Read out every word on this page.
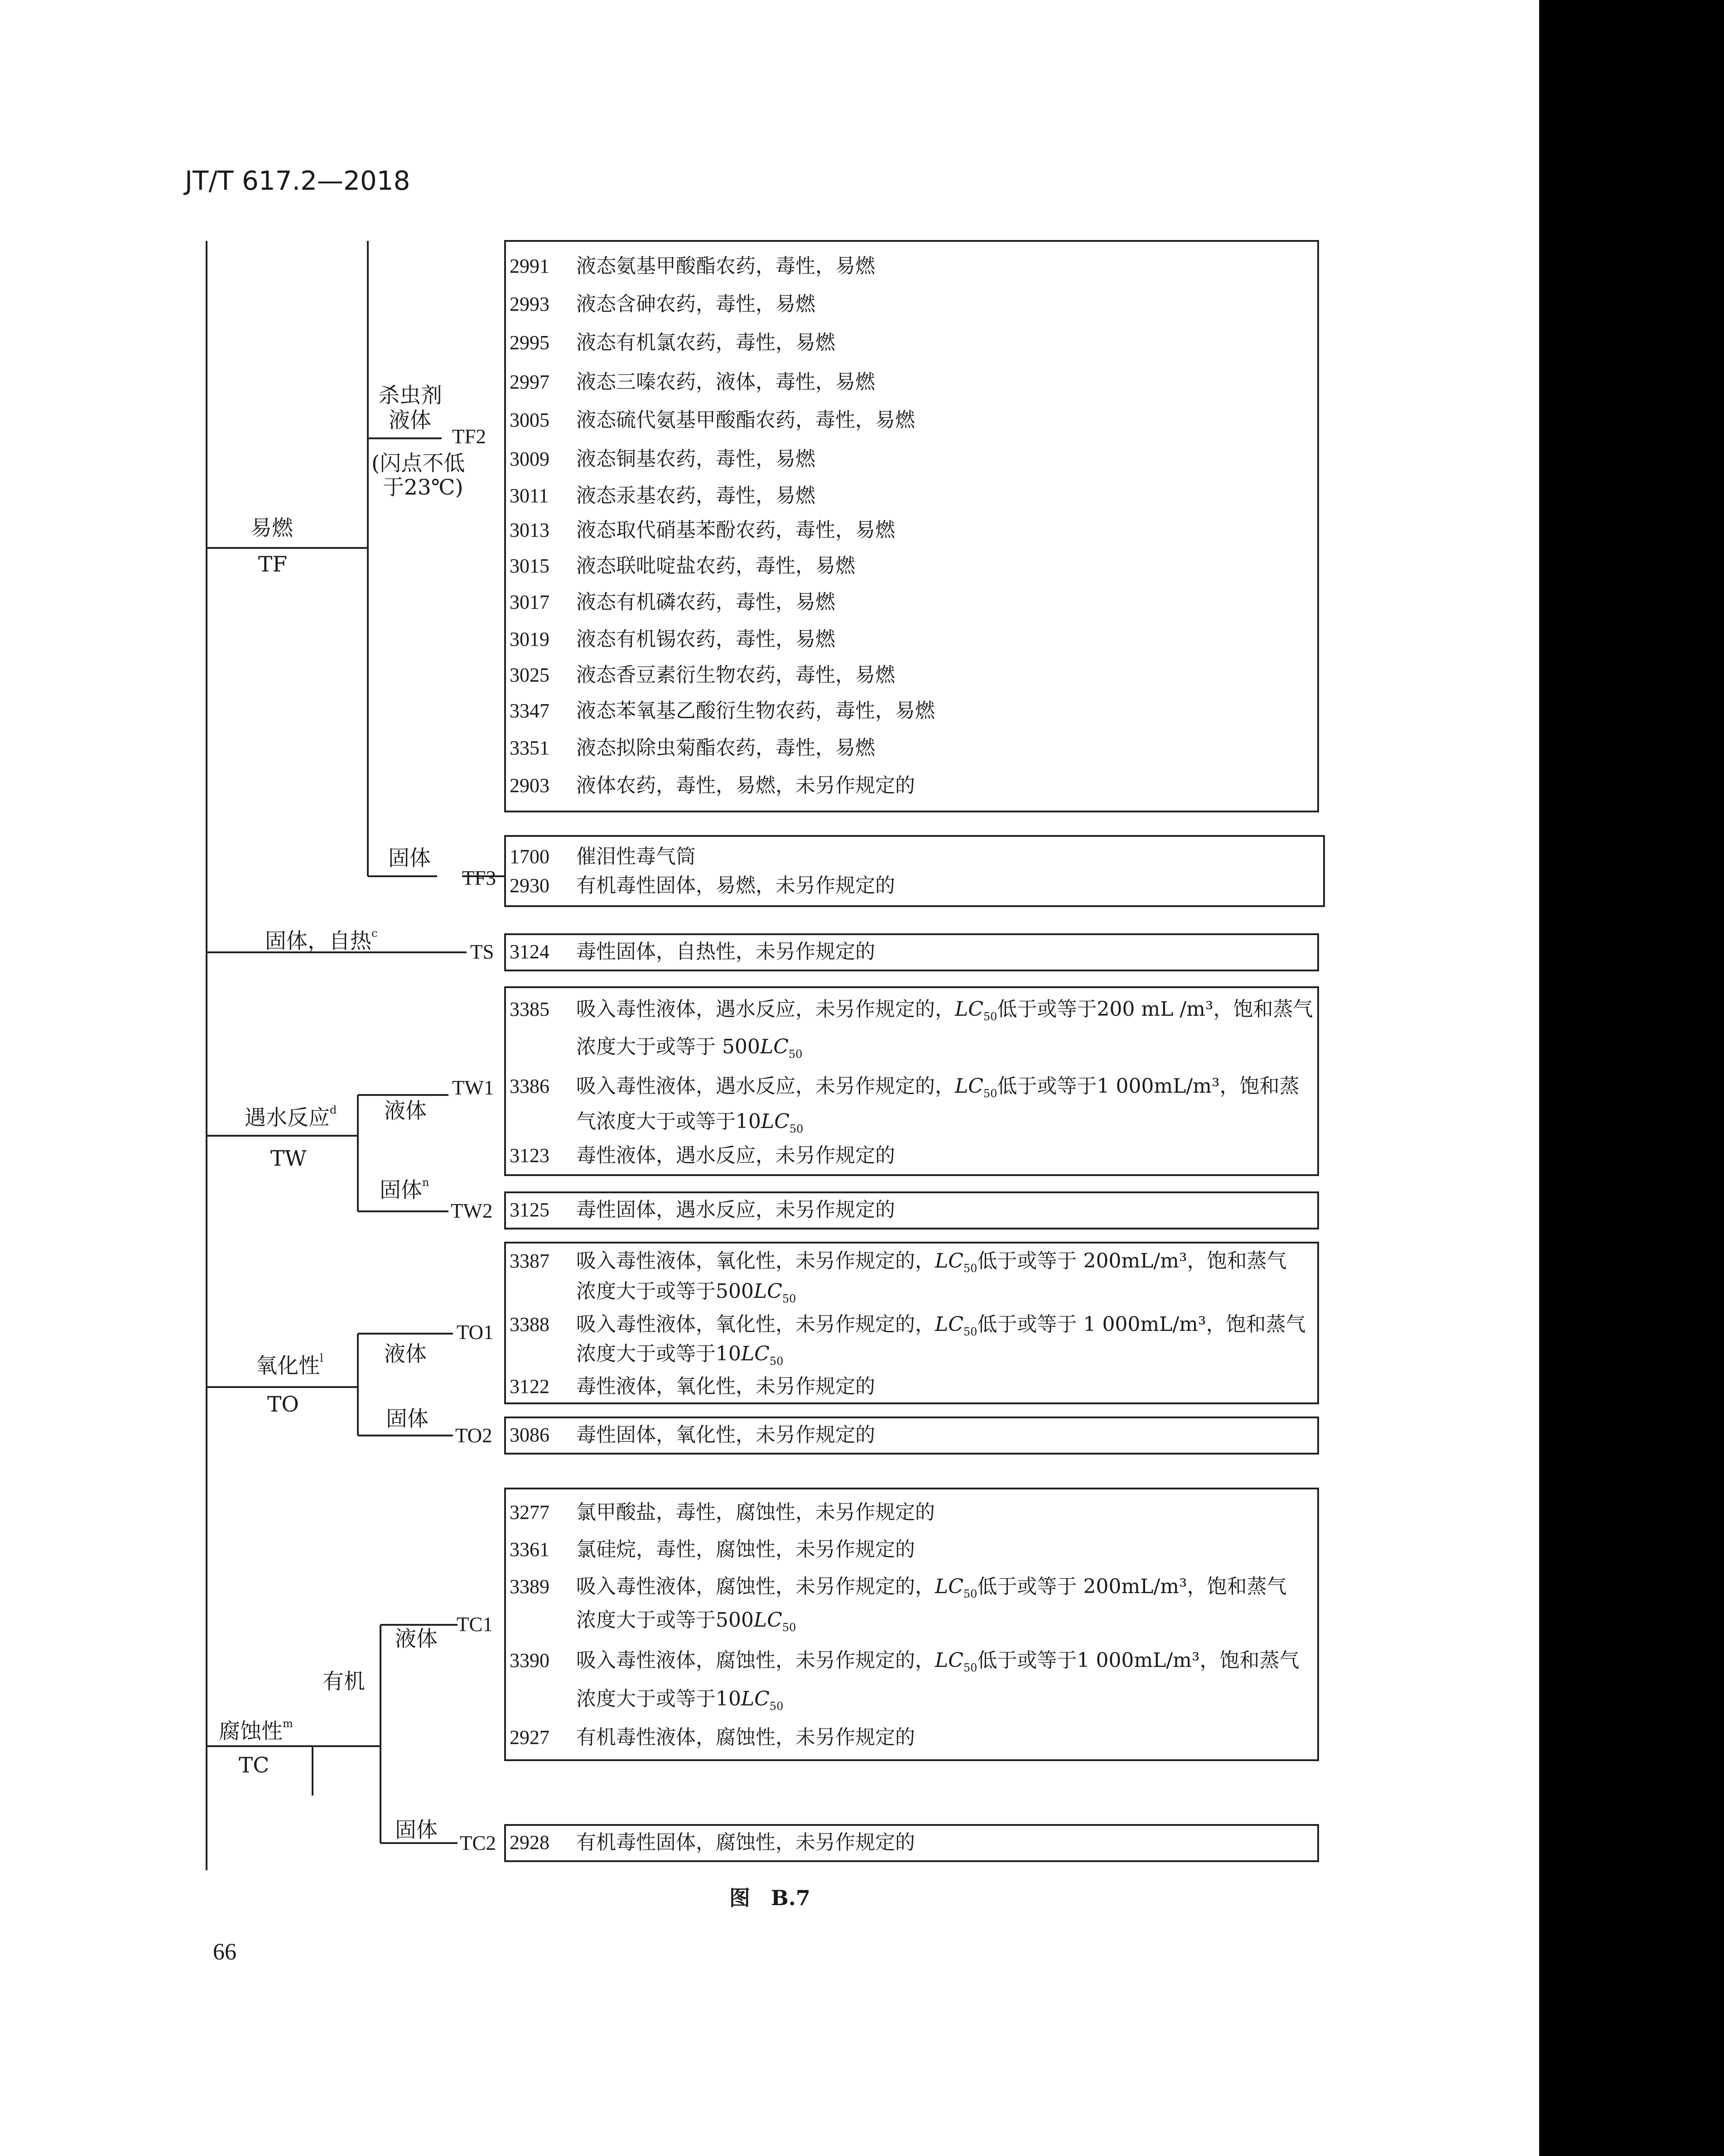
JT/T 617.2—2018
易燃
TF
杀虫剂
液体
(闪点不低
于23℃)
TF2
固体
TF3
固体，自热$^c$
TS
遇水反应$^d$
TW
液体
TW1
固体$^n$
TW2
氧化性$^l$
TO
液体
TO1
固体
TO2
腐蚀性$^m$
TC
有机
液体
TC1
固体
TC2
2991 液态氨基甲酸酯农药，毒性，易燃
2993 液态含砷农药，毒性，易燃
2995 液态有机氯农药，毒性，易燃
2997 液态三嗪农药，液体，毒性，易燃
3005 液态硫代氨基甲酸酯农药，毒性，易燃
3009 液态铜基农药，毒性，易燃
3011 液态汞基农药，毒性，易燃
3013 液态取代硝基苯酚农药，毒性，易燃
3015 液态联吡啶盐农药，毒性，易燃
3017 液态有机磷农药，毒性，易燃
3019 液态有机锡农药，毒性，易燃
3025 液态香豆素衍生物农药，毒性，易燃
3347 液态苯氧基乙酸衍生物农药，毒性，易燃
3351 液态拟除虫菊酯农药，毒性，易燃
2903 液体农药，毒性，易燃，未另作规定的
1700 催泪性毒气筒
2930 有机毒性固体，易燃，未另作规定的
3124 毒性固体，自热性，未另作规定的
3385 吸入毒性液体，遇水反应，未另作规定的，$LC_{50}$低于或等于200 mL /m³，饱和蒸气
浓度大于或等于 $500LC_{50}$
3386 吸入毒性液体，遇水反应，未另作规定的，$LC_{50}$低于或等于1 000mL/m³，饱和蒸
气浓度大于或等于$10LC_{50}$
3123 毒性液体，遇水反应，未另作规定的
3125 毒性固体，遇水反应，未另作规定的
3387 吸入毒性液体，氧化性，未另作规定的，$LC_{50}$低于或等于 200mL/m³，饱和蒸气
浓度大于或等于$500LC_{50}$
3388 吸入毒性液体，氧化性，未另作规定的，$LC_{50}$低于或等于 1 000mL/m³，饱和蒸气
浓度大于或等于$10LC_{50}$
3122 毒性液体，氧化性，未另作规定的
3086 毒性固体，氧化性，未另作规定的
3277 氯甲酸盐，毒性，腐蚀性，未另作规定的
3361 氯硅烷，毒性，腐蚀性，未另作规定的
3389 吸入毒性液体，腐蚀性，未另作规定的，$LC_{50}$低于或等于 200mL/m³，饱和蒸气
浓度大于或等于$500LC_{50}$
3390 吸入毒性液体，腐蚀性，未另作规定的，$LC_{50}$低于或等于1 000mL/m³，饱和蒸气
浓度大于或等于$10LC_{50}$
2927 有机毒性液体，腐蚀性，未另作规定的
2928 有机毒性固体，腐蚀性，未另作规定的
图　B.7
66
